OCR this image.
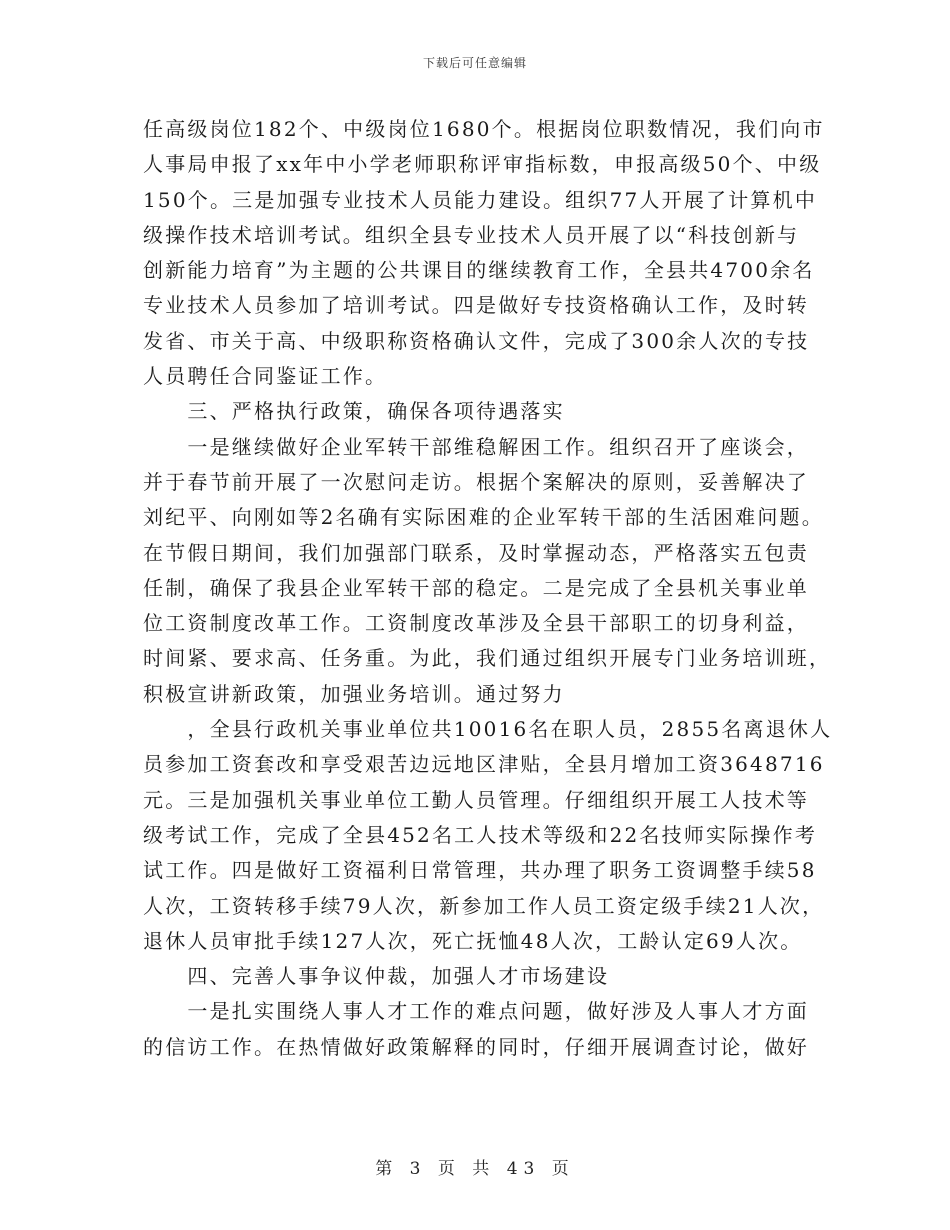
下载后可任意编辑
任高级岗位182个、中级岗位1680个。根据岗位职数情况，我们向市
人事局申报了xx年中小学老师职称评审指标数，申报高级50个、中级
150个。三是加强专业技术人员能力建设。组织77人开展了计算机中
级操作技术培训考试。组织全县专业技术人员开展了以“科技创新与
创新能力培育”为主题的公共课目的继续教育工作，全县共4700余名
专业技术人员参加了培训考试。四是做好专技资格确认工作，及时转
发省、市关于高、中级职称资格确认文件，完成了300余人次的专技
人员聘任合同鉴证工作。
　　三、严格执行政策，确保各项待遇落实
　　一是继续做好企业军转干部维稳解困工作。组织召开了座谈会，
并于春节前开展了一次慰问走访。根据个案解决的原则，妥善解决了
刘纪平、向刚如等2名确有实际困难的企业军转干部的生活困难问题。
在节假日期间，我们加强部门联系，及时掌握动态，严格落实五包责
任制，确保了我县企业军转干部的稳定。二是完成了全县机关事业单
位工资制度改革工作。工资制度改革涉及全县干部职工的切身利益，
时间紧、要求高、任务重。为此，我们通过组织开展专门业务培训班，
积极宣讲新政策，加强业务培训。通过努力
　　，全县行政机关事业单位共10016名在职人员，2855名离退休人
员参加工资套改和享受艰苦边远地区津贴，全县月增加工资3648716
元。三是加强机关事业单位工勤人员管理。仔细组织开展工人技术等
级考试工作，完成了全县452名工人技术等级和22名技师实际操作考
试工作。四是做好工资福利日常管理，共办理了职务工资调整手续58
人次，工资转移手续79人次，新参加工作人员工资定级手续21人次，
退休人员审批手续127人次，死亡抚恤48人次，工龄认定69人次。
　　四、完善人事争议仲裁，加强人才市场建设
　　一是扎实围绕人事人才工作的难点问题，做好涉及人事人才方面
的信访工作。在热情做好政策解释的同时，仔细开展调查讨论，做好
第 3 页 共 43 页
